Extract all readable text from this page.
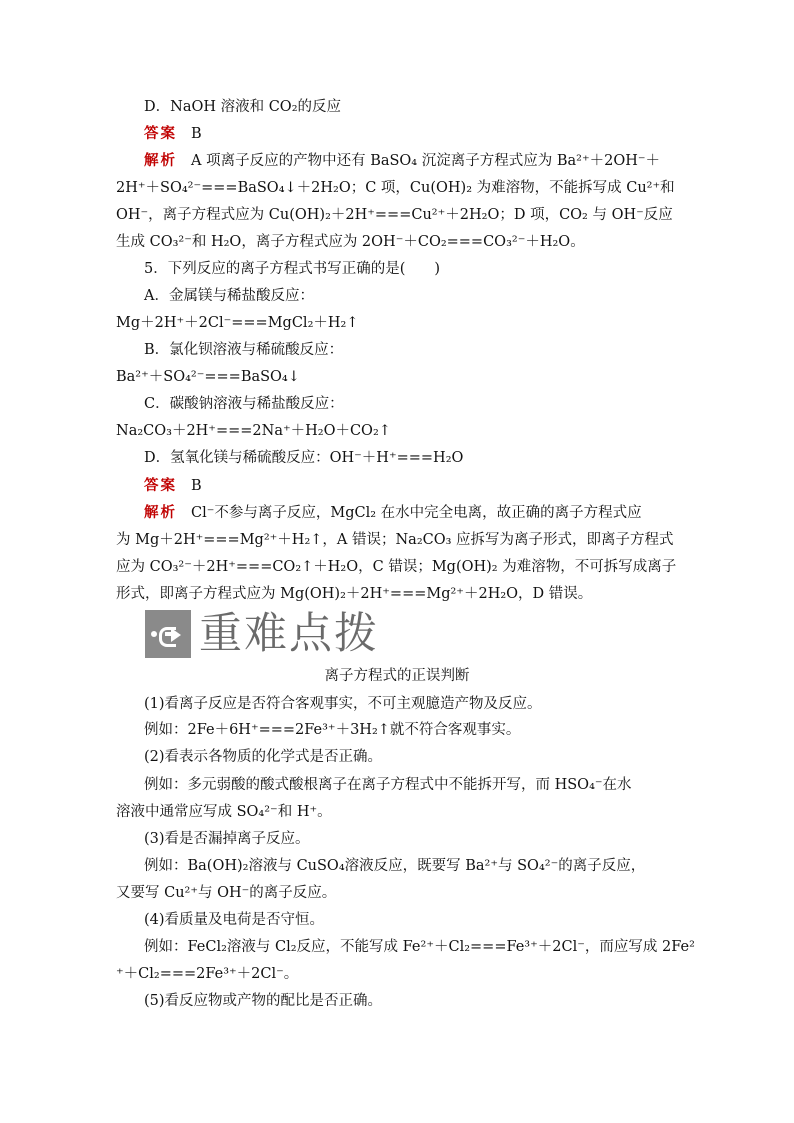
D．NaOH 溶液和 CO₂的反应
答案 B
解析 A 项离子反应的产物中还有 BaSO₄ 沉淀离子方程式应为 Ba²⁺＋2OH⁻＋
2H⁺＋SO₄²⁻===BaSO₄↓＋2H₂O；C 项，Cu(OH)₂ 为难溶物，不能拆写成 Cu²⁺和
OH⁻，离子方程式应为 Cu(OH)₂＋2H⁺===Cu²⁺＋2H₂O；D 项，CO₂ 与 OH⁻反应
生成 CO₃²⁻和 H₂O，离子方程式应为 2OH⁻＋CO₂===CO₃²⁻＋H₂O。
5．下列反应的离子方程式书写正确的是(　　)
A．金属镁与稀盐酸反应：
Mg＋2H⁺＋2Cl⁻===MgCl₂＋H₂↑
B．氯化钡溶液与稀硫酸反应：
Ba²⁺＋SO₄²⁻===BaSO₄↓
C．碳酸钠溶液与稀盐酸反应：
Na₂CO₃＋2H⁺===2Na⁺＋H₂O＋CO₂↑
D．氢氧化镁与稀硫酸反应：OH⁻＋H⁺===H₂O
答案 B
解析 Cl⁻不参与离子反应，MgCl₂ 在水中完全电离，故正确的离子方程式应
为 Mg＋2H⁺===Mg²⁺＋H₂↑，A 错误；Na₂CO₃ 应拆写为离子形式，即离子方程式
应为 CO₃²⁻＋2H⁺===CO₂↑＋H₂O，C 错误；Mg(OH)₂ 为难溶物，不可拆写成离子
形式，即离子方程式应为 Mg(OH)₂＋2H⁺===Mg²⁺＋2H₂O，D 错误。
重难点拨
离子方程式的正误判断
(1)看离子反应是否符合客观事实，不可主观臆造产物及反应。
例如：2Fe＋6H⁺===2Fe³⁺＋3H₂↑就不符合客观事实。
(2)看表示各物质的化学式是否正确。
例如：多元弱酸的酸式酸根离子在离子方程式中不能拆开写，而 HSO₄⁻在水
溶液中通常应写成 SO₄²⁻和 H⁺。
(3)看是否漏掉离子反应。
例如：Ba(OH)₂溶液与 CuSO₄溶液反应，既要写 Ba²⁺与 SO₄²⁻的离子反应，
又要写 Cu²⁺与 OH⁻的离子反应。
(4)看质量及电荷是否守恒。
例如：FeCl₂溶液与 Cl₂反应，不能写成 Fe²⁺＋Cl₂===Fe³⁺＋2Cl⁻，而应写成 2Fe²
⁺＋Cl₂===2Fe³⁺＋2Cl⁻。
(5)看反应物或产物的配比是否正确。
